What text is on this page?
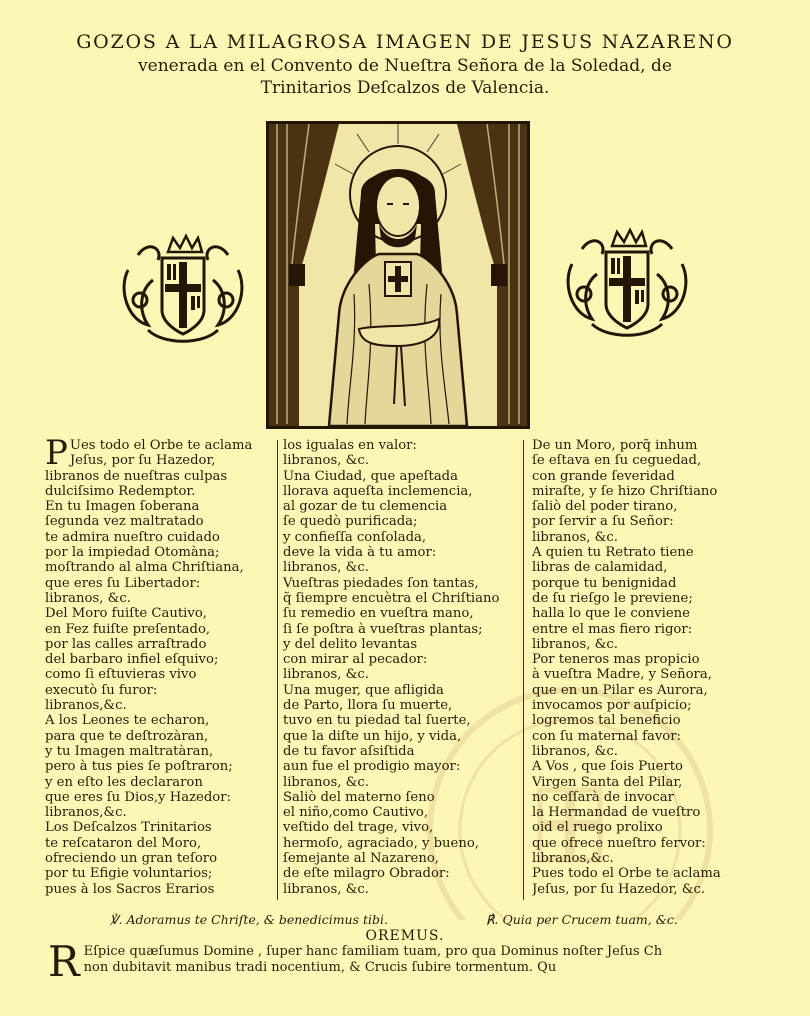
GOZOS A LA MILAGROSA IMAGEN DE JESUS NAZARENO
venerada en el Convento de Nueſtra Señora de la Soledad, de
Trinitarios Deſcalzos de Valencia.
P Ues todo el Orbe te aclama
Jeſus, por ſu Hazedor,
libranos de nueſtras culpas
dulciſsimo Redemptor.
En tu Imagen ſoberana
ſegunda vez maltratado
te admira nueſtro cuidado
por la impiedad Otomàna;
moſtrando al alma Chriſtiana,
que eres ſu Libertador:
libranos, &c.
Del Moro fuiſte Cautivo,
en Fez fuiſte preſentado,
por las calles arraſtrado
del barbaro infiel eſquivo;
como ſi eſtuvieras vivo
executò ſu furor:
libranos,&c.
A los Leones te echaron,
para que te deſtrozàran,
y tu Imagen maltratàran,
pero à tus pies ſe poſtraron;
y en eſto les declararon
que eres ſu Dios,y Hazedor:
libranos,&c.
Los Deſcalzos Trinitarios
te reſcataron del Moro,
ofreciendo un gran teſoro
por tu Efigie voluntarios;
pues à los Sacros Erarios
los igualas en valor:
libranos, &c.
Una Ciudad, que apeſtada
llorava aqueſta inclemencia,
al gozar de tu clemencia
ſe quedò purificada;
y confieſſa conſolada,
deve la vida à tu amor:
libranos, &c.
Vueſtras piedades ſon tantas,
q̃ ſiempre encuètra el Chriſtiano
ſu remedio en vueſtra mano,
ſi ſe poſtra à vueſtras plantas;
y del delito levantas
con mirar al pecador:
libranos, &c.
Una muger, que afligida
de Parto, llora ſu muerte,
tuvo en tu piedad tal ſuerte,
que la diſte un hijo, y vida,
de tu favor aſsiſtida
aun fue el prodigio mayor:
libranos, &c.
Saliò del materno ſeno
el niño,como Cautivo,
veſtido del trage, vivo,
hermoſo, agraciado, y bueno,
ſemejante al Nazareno,
de eſte milagro Obrador:
libranos, &c.
De un Moro, porq̃ inhum
ſe eſtava en ſu ceguedad,
con grande ſeveridad
miraſte, y ſe hizo Chriſtiano
ſaliò del poder tirano,
por ſervir a ſu Señor:
libranos, &c.
A quien tu Retrato tiene
libras de calamidad,
porque tu benignidad
de ſu rieſgo le previene;
halla lo que le conviene
entre el mas fiero rigor:
libranos, &c.
Por teneros mas propicio
à vueſtra Madre, y Señora,
que en un Pilar es Aurora,
invocamos por auſpicio;
logremos tal beneficio
con ſu maternal favor:
libranos, &c.
A Vos , que ſois Puerto
Virgen Santa del Pilar,
no ceſſarà de invocar
la Hermandad de vueſtro
oid el ruego prolixo
que ofrece nueſtro fervor:
libranos,&c.
Pues todo el Orbe te aclama
Jeſus, por ſu Hazedor, &c.
℣. Adoramus te Chriſte, & benedicimus tibi.	℟. Quia per Crucem tuam, &c.
OREMUS.
R Eſpice quæſumus Domine , ſuper hanc familiam tuam, pro qua Dominus noſter Jeſus Ch
non dubitavit manibus tradi nocentium, & Crucis ſubire tormentum. Qu
